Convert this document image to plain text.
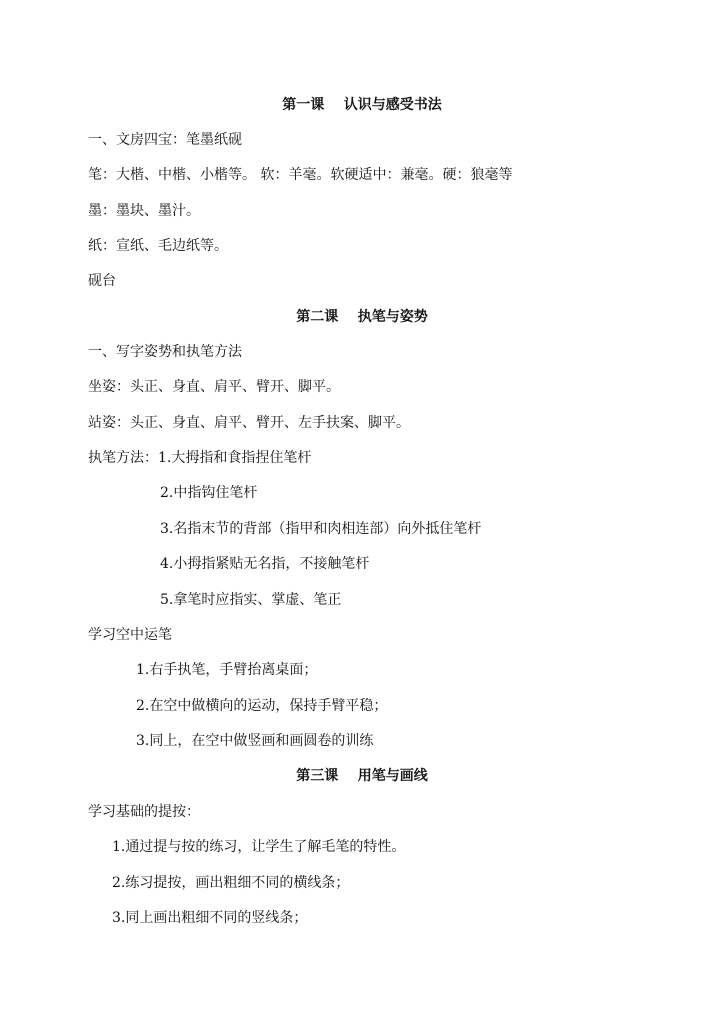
第一课    认识与感受书法
一、文房四宝：笔墨纸砚
笔：大楷、中楷、小楷等。 软：羊毫。软硬适中：兼毫。硬：狼毫等
墨：墨块、墨汁。
纸：宣纸、毛边纸等。
砚台
第二课    执笔与姿势
一、写字姿势和执笔方法
坐姿：头正、身直、肩平、臂开、脚平。
站姿：头正、身直、肩平、臂开、左手扶案、脚平。
执笔方法：1.大拇指和食指捏住笔杆
2.中指钩住笔杆
3.名指末节的背部（指甲和肉相连部）向外抵住笔杆
4.小拇指紧贴无名指，不接触笔杆
5.拿笔时应指实、掌虚、笔正
学习空中运笔
1.右手执笔，手臂抬离桌面；
2.在空中做横向的运动，保持手臂平稳；
3.同上，在空中做竖画和画圆卷的训练
第三课    用笔与画线
学习基础的提按：
1.通过提与按的练习，让学生了解毛笔的特性。
2.练习提按，画出粗细不同的横线条；
3.同上画出粗细不同的竖线条；
